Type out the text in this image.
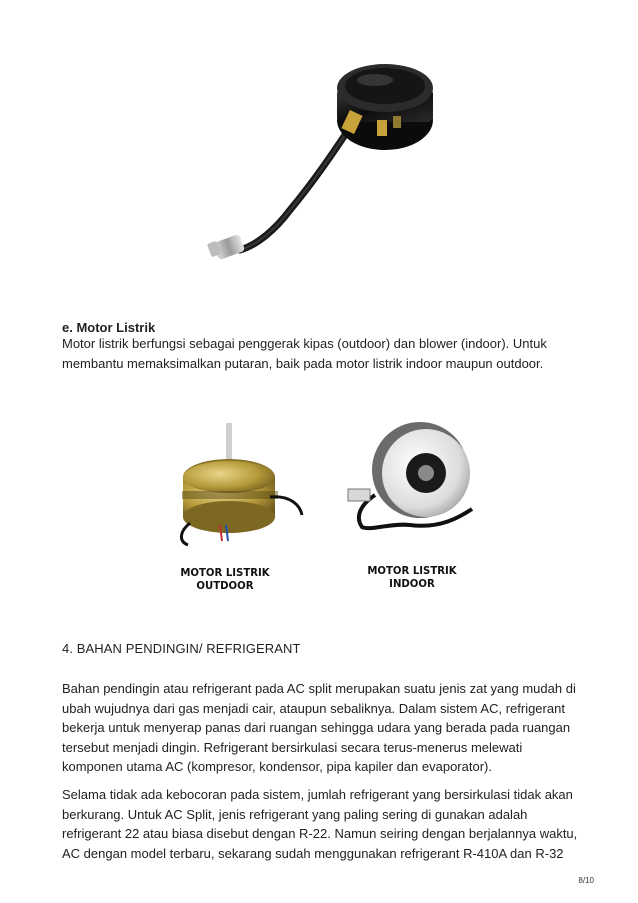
e. Motor Listrik

Motor listrik berfungsi sebagai penggerak kipas (outdoor) dan blower (indoor). Untuk membantu memaksimalkan putaran, baik pada motor listrik indoor maupun outdoor.

MOTOR LISTRIK
OUTDOOR
MOTOR LISTRIK
INDOOR
4. BAHAN PENDINGIN/ REFRIGERANT

Bahan pendingin atau refrigerant pada AC split merupakan suatu jenis zat yang mudah di ubah wujudnya dari gas menjadi cair, ataupun sebaliknya. Dalam sistem AC, refrigerant bekerja untuk menyerap panas dari ruangan sehingga udara yang berada pada ruangan tersebut menjadi dingin. Refrigerant bersirkulasi secara terus-menerus melewati komponen utama AC (kompresor, kondensor, pipa kapiler dan evaporator).

Selama tidak ada kebocoran pada sistem, jumlah refrigerant yang bersirkulasi tidak akan berkurang. Untuk AC Split, jenis refrigerant yang paling sering di gunakan adalah refrigerant 22 atau biasa disebut dengan R-22. Namun seiring dengan berjalannya waktu, AC dengan model terbaru, sekarang sudah menggunakan refrigerant R-410A dan R-32

8/10
